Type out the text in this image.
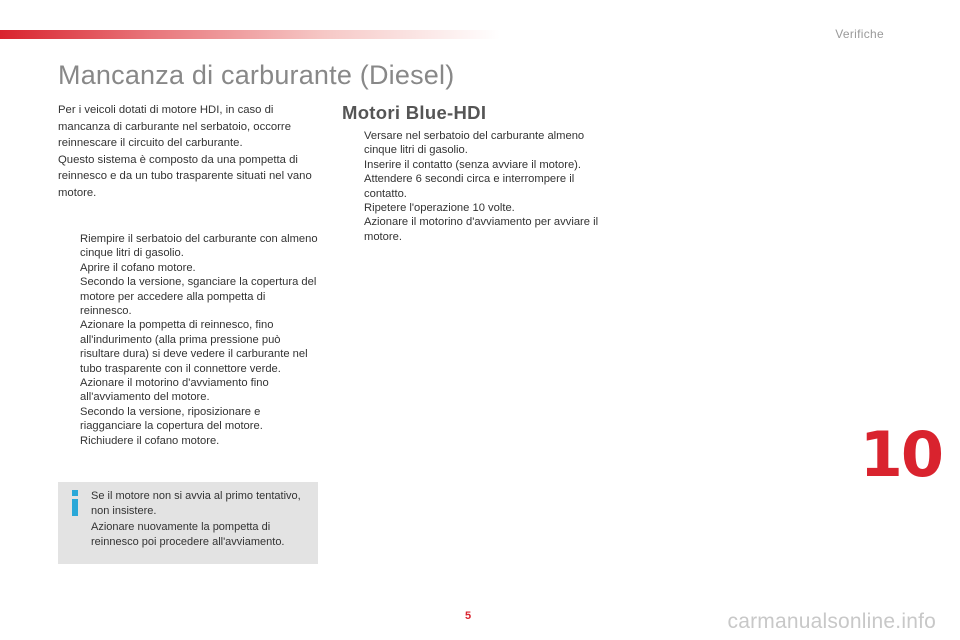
Verifiche
Mancanza di carburante (Diesel)

Per i veicoli dotati di motore HDI, in caso di mancanza di carburante nel serbatoio, occorre reinnescare il circuito del carburante.

Questo sistema è composto da una pompetta di reinnesco e da un tubo trasparente situati nel vano motore.

Riempire il serbatoio del carburante con almeno cinque litri di gasolio.
Aprire il cofano motore.
Secondo la versione, sganciare la copertura del motore per accedere alla pompetta di reinnesco.
Azionare la pompetta di reinnesco, fino all'indurimento (alla prima pressione può risultare dura) si deve vedere il carburante nel tubo trasparente con il connettore verde.
Azionare il motorino d'avviamento fino all'avviamento del motore.
Secondo la versione, riposizionare e riagganciare la copertura del motore.
Richiudere il cofano motore.

Se il motore non si avvia al primo tentativo, non insistere.

Azionare nuovamente la pompetta di reinnesco poi procedere all'avviamento.

Motori Blue-HDI
Versare nel serbatoio del carburante almeno cinque litri di gasolio.
Inserire il contatto (senza avviare il motore).
Attendere 6 secondi circa e interrompere il contatto.
Ripetere l'operazione 10 volte.
Azionare il motorino d'avviamento per avviare il motore.
10
5	carmanualsonline.info
